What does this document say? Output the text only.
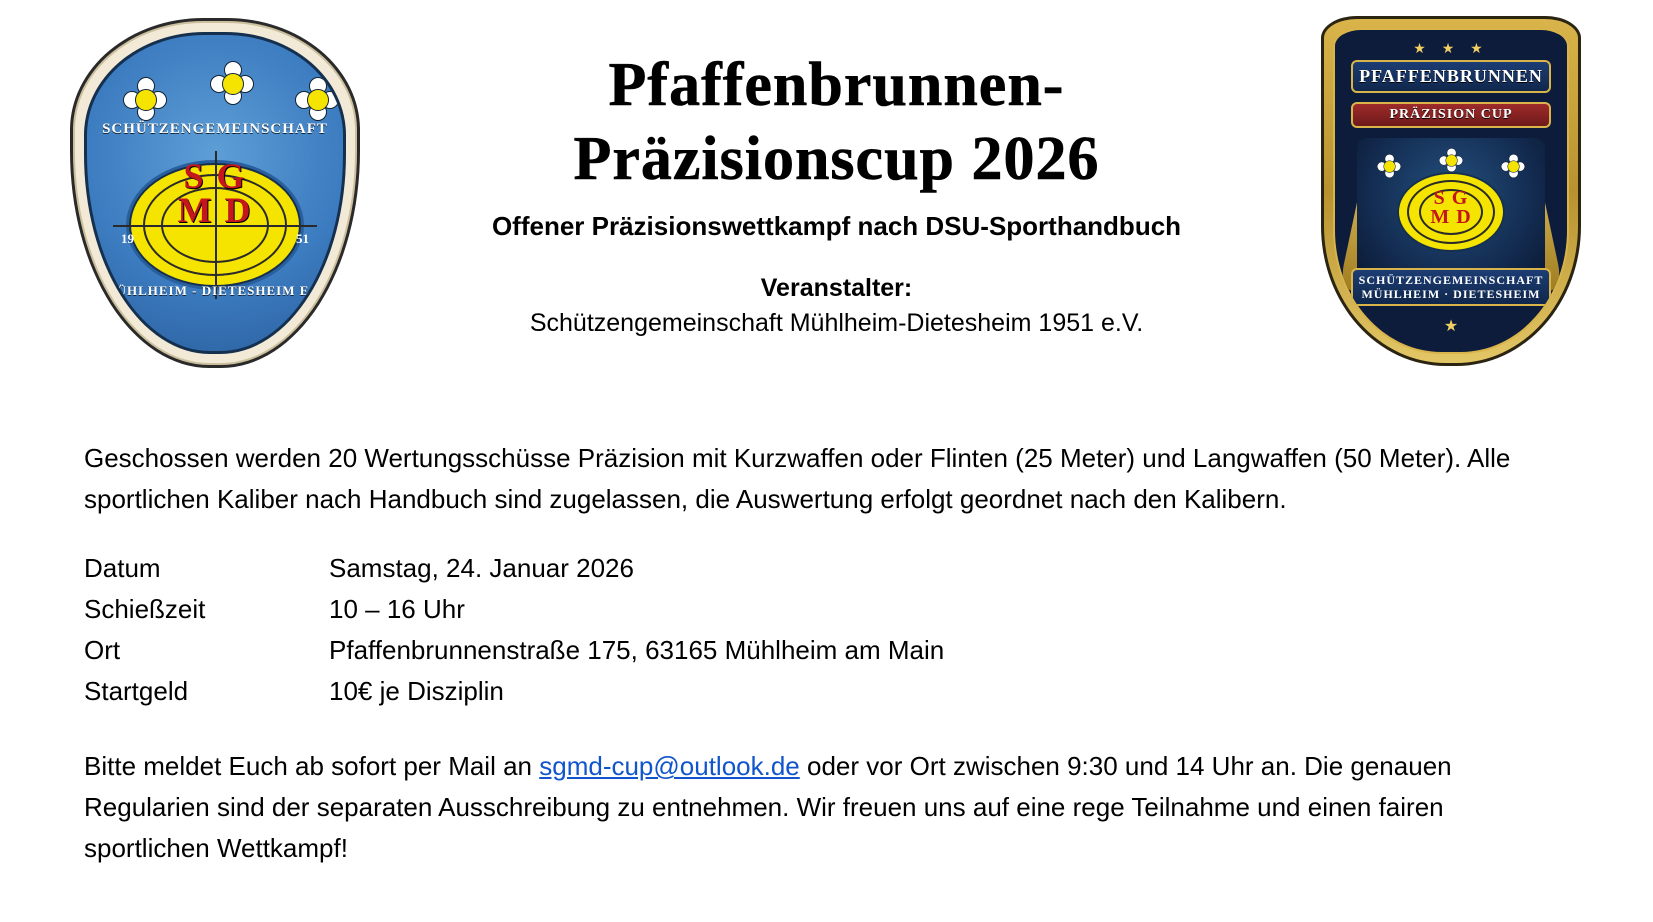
SCHÜTZENGEMEINSCHAFT
S G
M D
19	51
MÜHLHEIM - DIETESHEIM E.V.
Pfaffenbrunnen-
Präzisionscup 2026
Offener Präzisionswettkampf nach DSU-Sporthandbuch
Veranstalter:
Schützengemeinschaft Mühlheim-Dietesheim 1951 e.V.
★ ★ ★
PFAFFENBRUNNEN
PRÄZISION CUP
S G
M D
SCHÜTZENGEMEINSCHAFT
MÜHLHEIM · DIETESHEIM
★

Geschossen werden 20 Wertungsschüsse Präzision mit Kurzwaffen oder Flinten (25 Meter) und Langwaffen (50 Meter). Alle sportlichen Kaliber nach Handbuch sind zugelassen, die Auswertung erfolgt geordnet nach den Kalibern.

Datum	Samstag, 24. Januar 2026
Schießzeit	10 – 16 Uhr
Ort	Pfaffenbrunnenstraße 175, 63165 Mühlheim am Main
Startgeld	10€ je Disziplin

Bitte meldet Euch ab sofort per Mail an sgmd-cup@outlook.de oder vor Ort zwischen 9:30 und 14 Uhr an. Die genauen Regularien sind der separaten Ausschreibung zu entnehmen. Wir freuen uns auf eine rege Teilnahme und einen fairen sportlichen Wettkampf!
